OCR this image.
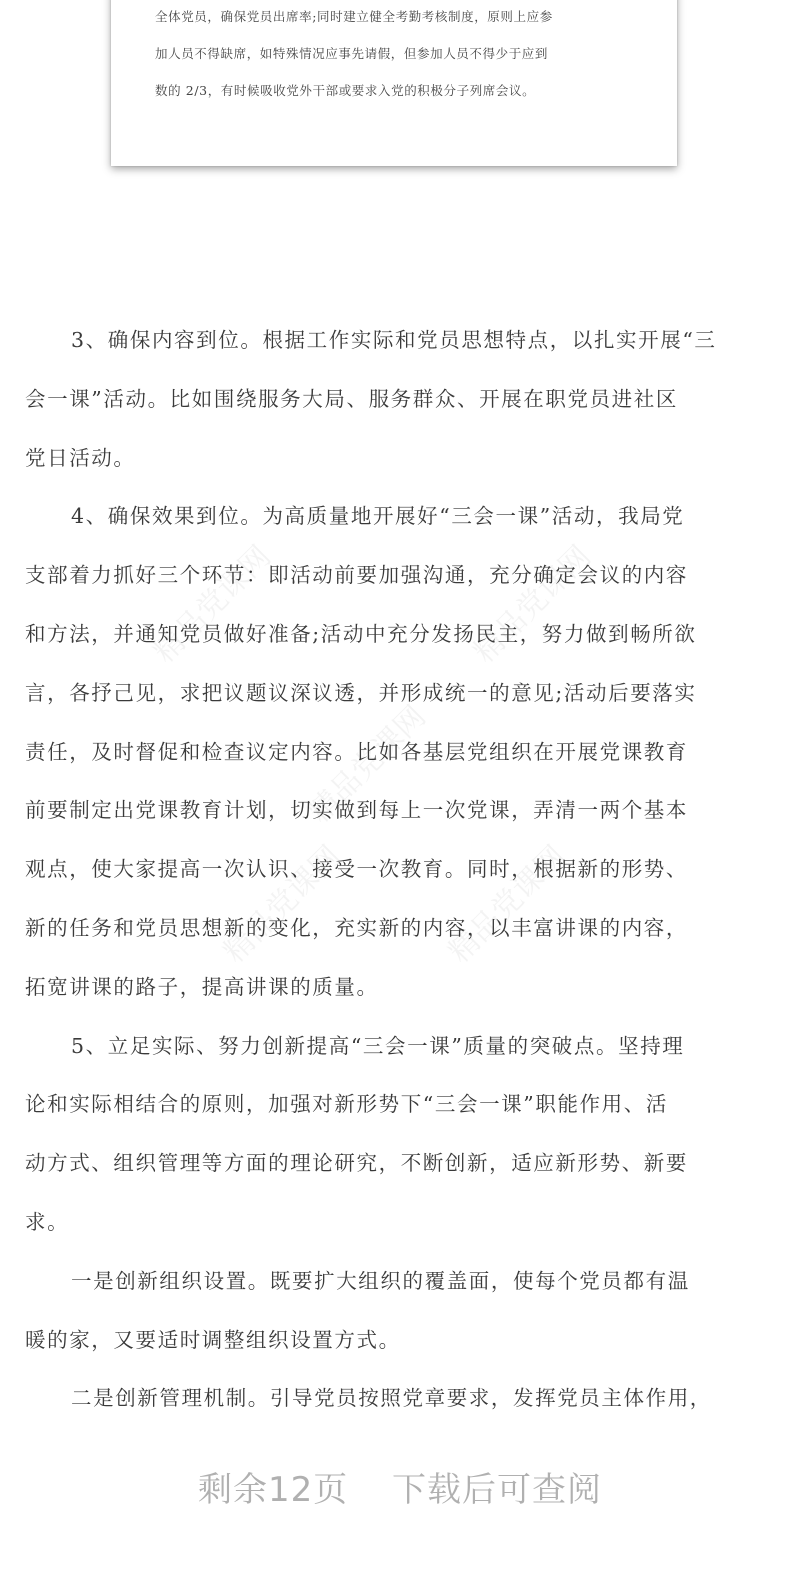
全体党员，确保党员出席率;同时建立健全考勤考核制度，原则上应参
加人员不得缺席，如特殊情况应事先请假，但参加人员不得少于应到
数的 2/3，有时候吸收党外干部或要求入党的积极分子列席会议。
精品党课网	精品党课网
精品党课网
精品党课网	精品党课网
3、确保内容到位。根据工作实际和党员思想特点，以扎实开展“三
会一课”活动。比如围绕服务大局、服务群众、开展在职党员进社区
党日活动。
4、确保效果到位。为高质量地开展好“三会一课”活动，我局党
支部着力抓好三个环节：即活动前要加强沟通，充分确定会议的内容
和方法，并通知党员做好准备;活动中充分发扬民主，努力做到畅所欲
言，各抒己见，求把议题议深议透，并形成统一的意见;活动后要落实
责任，及时督促和检查议定内容。比如各基层党组织在开展党课教育
前要制定出党课教育计划，切实做到每上一次党课，弄清一两个基本
观点，使大家提高一次认识、接受一次教育。同时，根据新的形势、
新的任务和党员思想新的变化，充实新的内容，以丰富讲课的内容，
拓宽讲课的路子，提高讲课的质量。
5、立足实际、努力创新提高“三会一课”质量的突破点。坚持理
论和实际相结合的原则，加强对新形势下“三会一课”职能作用、活
动方式、组织管理等方面的理论研究，不断创新，适应新形势、新要
求。
一是创新组织设置。既要扩大组织的覆盖面，使每个党员都有温
暖的家，又要适时调整组织设置方式。
二是创新管理机制。引导党员按照党章要求，发挥党员主体作用，
剩余12页 下载后可查阅
